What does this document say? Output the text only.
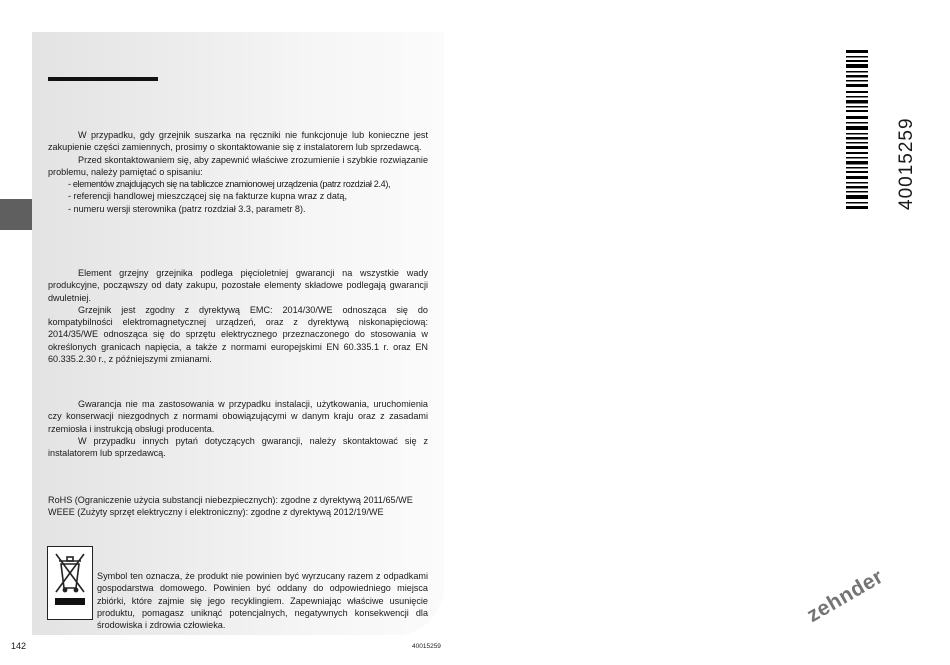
W przypadku, gdy grzejnik suszarka na ręczniki nie funkcjonuje lub konieczne jest zakupienie części zamiennych, prosimy o skontaktowanie się z instalatorem lub sprzedawcą.

Przed skontaktowaniem się, aby zapewnić właściwe zrozumienie i szybkie rozwiązanie problemu, należy pamiętać o spisaniu:

- elementów znajdujących się na tabliczce znamionowej urządzenia (patrz rozdział 2.4),
- referencji handlowej mieszczącej się na fakturze kupna wraz z datą,
- numeru wersji sterownika (patrz rozdział 3.3, parametr 8).

Element grzejny grzejnika podlega pięcioletniej gwarancji na wszystkie wady produkcyjne, począwszy od daty zakupu, pozostałe elementy składowe podlegają gwarancji dwuletniej.

Grzejnik jest zgodny z dyrektywą EMC: 2014/30/WE odnosząca się do kompatybilności elektromagnetycznej urządzeń, oraz z dyrektywą niskonapięciową: 2014/35/WE odnosząca się do sprzętu elektrycznego przeznaczonego do stosowania w określonych granicach napięcia, a także z normami europejskimi EN 60.335.1 r. oraz EN 60.335.2.30 r., z późniejszymi zmianami.

Gwarancja nie ma zastosowania w przypadku instalacji, użytkowania, uruchomienia czy konserwacji niezgodnych z normami obowiązującymi w danym kraju oraz z zasadami rzemiosła i instrukcją obsługi producenta.

W przypadku innych pytań dotyczących gwarancji, należy skontaktować się z instalatorem lub sprzedawcą.

RoHS (Ograniczenie użycia substancji niebezpiecznych): zgodne z dyrektywą 2011/65/WE

WEEE (Zużyty sprzęt elektryczny i elektroniczny): zgodne z dyrektywą 2012/19/WE

Symbol ten oznacza, że produkt nie powinien być wyrzucany razem z odpadkami gospodarstwa domowego. Powinien być oddany do odpowiedniego miejsca zbiórki, które zajmie się jego recyklingiem. Zapewniając właściwe usunięcie produktu, pomagasz uniknąć potencjalnych, negatywnych konsekwencji dla środowiska i zdrowia człowieka.
142	40015259
40015259
zehnder
